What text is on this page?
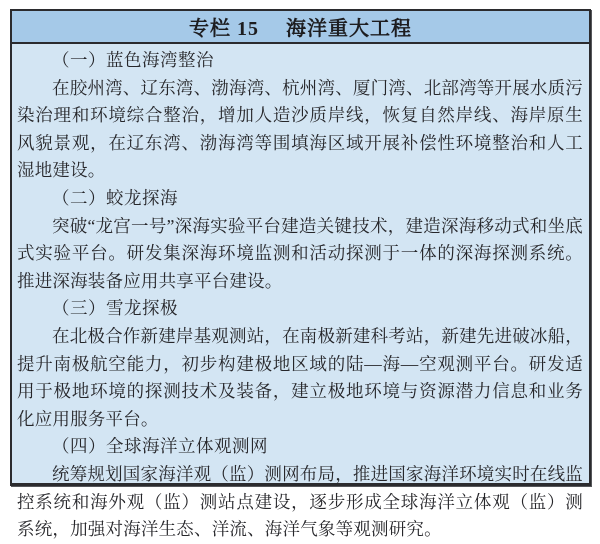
专栏 15　 海洋重大工程

（一）蓝色海湾整治

在胶州湾、辽东湾、渤海湾、杭州湾、厦门湾、北部湾等开展水质污染治理和环境综合整治，增加人造沙质岸线，恢复自然岸线、海岸原生风貌景观，在辽东湾、渤海湾等围填海区域开展补偿性环境整治和人工湿地建设。

（二）蛟龙探海

突破“龙宫一号”深海实验平台建造关键技术，建造深海移动式和坐底式实验平台。研发集深海环境监测和活动探测于一体的深海探测系统。推进深海装备应用共享平台建设。

（三）雪龙探极

在北极合作新建岸基观测站，在南极新建科考站，新建先进破冰船，提升南极航空能力，初步构建极地区域的陆—海—空观测平台。研发适用于极地环境的探测技术及装备，建立极地环境与资源潜力信息和业务化应用服务平台。

（四）全球海洋立体观测网

统筹规划国家海洋观（监）测网布局，推进国家海洋环境实时在线监控系统和海外观（监）测站点建设，逐步形成全球海洋立体观（监）测系统，加强对海洋生态、洋流、海洋气象等观测研究。
